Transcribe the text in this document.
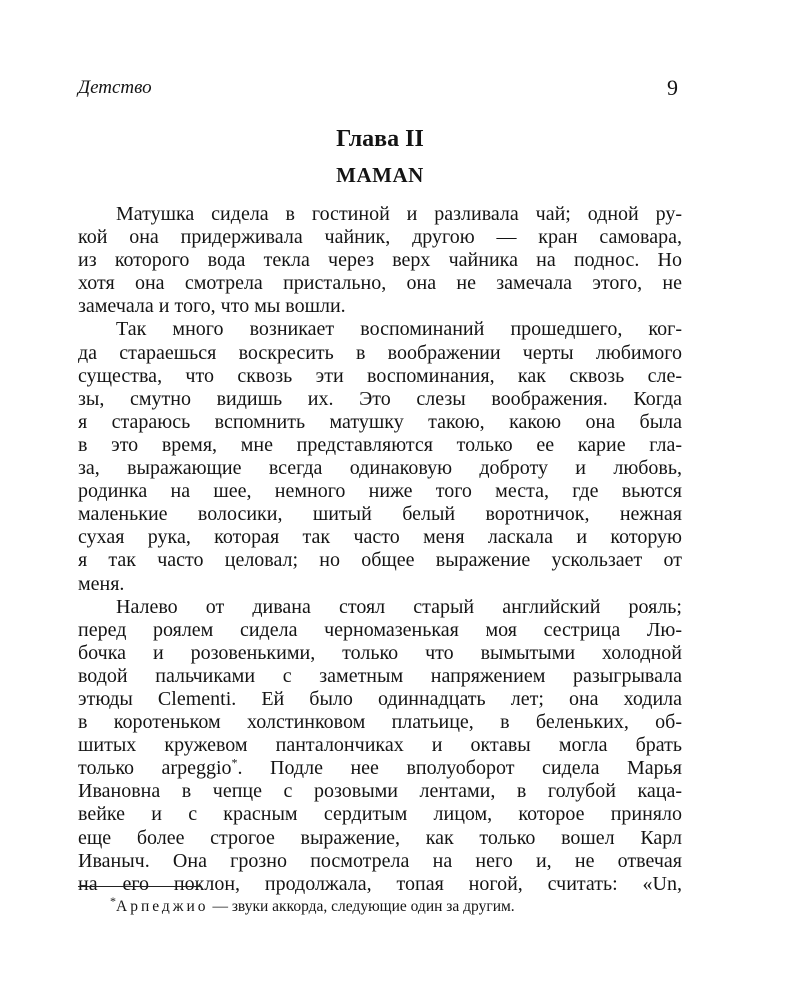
Детство	9
Глава II
MAMAN
Матушка сидела в гостиной и разливала чай; одной ру-
кой она придерживала чайник, другою — кран самовара,
из которого вода текла через верх чайника на поднос. Но
хотя она смотрела пристально, она не замечала этого, не
замечала и того, что мы вошли.
Так много возникает воспоминаний прошедшего, ког-
да стараешься воскресить в воображении черты любимого
существа, что сквозь эти воспоминания, как сквозь сле-
зы, смутно видишь их. Это слезы воображения. Когда
я стараюсь вспомнить матушку такою, какою она была
в это время, мне представляются только ее карие гла-
за, выражающие всегда одинаковую доброту и любовь,
родинка на шее, немного ниже того места, где вьются
маленькие волосики, шитый белый воротничок, нежная
сухая рука, которая так часто меня ласкала и которую
я так часто целовал; но общее выражение ускользает от
меня.
Налево от дивана стоял старый английский рояль;
перед роялем сидела черномазенькая моя сестрица Лю-
бочка и розовенькими, только что вымытыми холодной
водой пальчиками с заметным напряжением разыгрывала
этюды Clementi. Ей было одиннадцать лет; она ходила
в коротеньком холстинковом платьице, в беленьких, об-
шитых кружевом панталончиках и октавы могла брать
только arpeggio*. Подле нее вполуоборот сидела Марья
Ивановна в чепце с розовыми лентами, в голубой каца-
вейке и с красным сердитым лицом, которое приняло
еще более строгое выражение, как только вошел Карл
Иваныч. Она грозно посмотрела на него и, не отвечая
на его поклон, продолжала, топая ногой, считать: «Un,
*Арпеджио — звуки аккорда, следующие один за другим.
